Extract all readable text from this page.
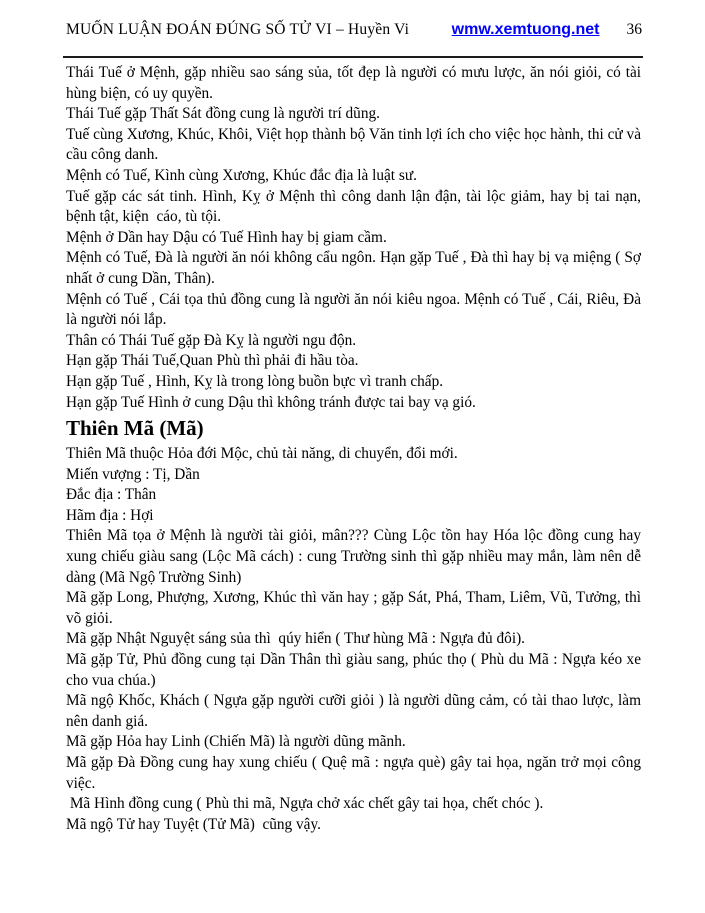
MUỐN LUẬN ĐOÁN ĐÚNG SỐ TỬ VI – Huyền Vi	wmw.xemtuong.net 36

Thái Tuế ở Mệnh, gặp nhiều sao sáng sủa, tốt đẹp là người có mưu lược, ăn nói giỏi, có tài hùng biện, có uy quyền.

Thái Tuế gặp Thất Sát đồng cung là người trí dũng.

Tuế cùng Xương, Khúc, Khôi, Việt họp thành bộ Văn tinh lợi ích cho việc học hành, thi cử và cầu công danh.

Mệnh có Tuế, Kình cùng Xương, Khúc đắc địa là luật sư.

Tuế gặp các sát tinh. Hình, Kỵ ở Mệnh thì công danh lận đận, tài lộc giảm, hay bị tai nạn, bệnh tật, kiện  cáo, tù tội.

Mệnh ở Dần hay Dậu có Tuế Hình hay bị giam cầm.

Mệnh có Tuế, Đà là người ăn nói không cẩu ngôn. Hạn gặp Tuế , Đà thì hay bị vạ miệng ( Sợ nhất ở cung Dần, Thân).

Mệnh có Tuế , Cái tọa thủ đồng cung là người ăn nói kiêu ngoa. Mệnh có Tuế , Cái, Riêu, Đà là người nói lắp.

Thân có Thái Tuế gặp Đà Kỵ là người ngu độn.

Hạn gặp Thái Tuế,Quan Phù thì phải đi hầu tòa.

Hạn gặp Tuế , Hình, Kỵ là trong lòng buồn bực vì tranh chấp.

Hạn gặp Tuế Hình ở cung Dậu thì không tránh được tai bay vạ gió.

Thiên Mã (Mã)

Thiên Mã thuộc Hỏa đới Mộc, chủ tài năng, di chuyển, đổi mới.

Miến vượng : Tị, Dần

Đắc địa : Thân

Hãm địa : Hợi

Thiên Mã tọa ở Mệnh là người tài giỏi, mân??? Cùng Lộc tồn hay Hóa lộc đồng cung hay xung chiếu giàu sang (Lộc Mã cách) : cung Trường sinh thì gặp nhiều may mắn, làm nên dễ dàng (Mã Ngộ Trường Sinh)

Mã gặp Long, Phượng, Xương, Khúc thì văn hay ; gặp Sát, Phá, Tham, Liêm, Vũ, Tưởng, thì võ giỏi.

Mã gặp Nhật Nguyệt sáng sủa thì  qúy hiển ( Thư hùng Mã : Ngựa đủ đôi).

Mã gặp Tử, Phủ đồng cung tại Dần Thân thì giàu sang, phúc thọ ( Phù du Mã : Ngựa kéo xe cho vua chúa.)

Mã ngộ Khốc, Khách ( Ngựa gặp người cưỡi giỏi ) là người dũng cảm, có tài thao lược, làm nên danh giá.

Mã gặp Hỏa hay Linh (Chiến Mã) là người dũng mãnh.

Mã gặp Đà Đồng cung hay xung chiếu ( Quệ mã : ngựa què) gây tai họa, ngăn trở mọi công việc.

Mã Hình đồng cung ( Phù thi mã, Ngựa chở xác chết gây tai họa, chết chóc ).

Mã ngộ Tử hay Tuyệt (Tử Mã)  cũng vậy.
